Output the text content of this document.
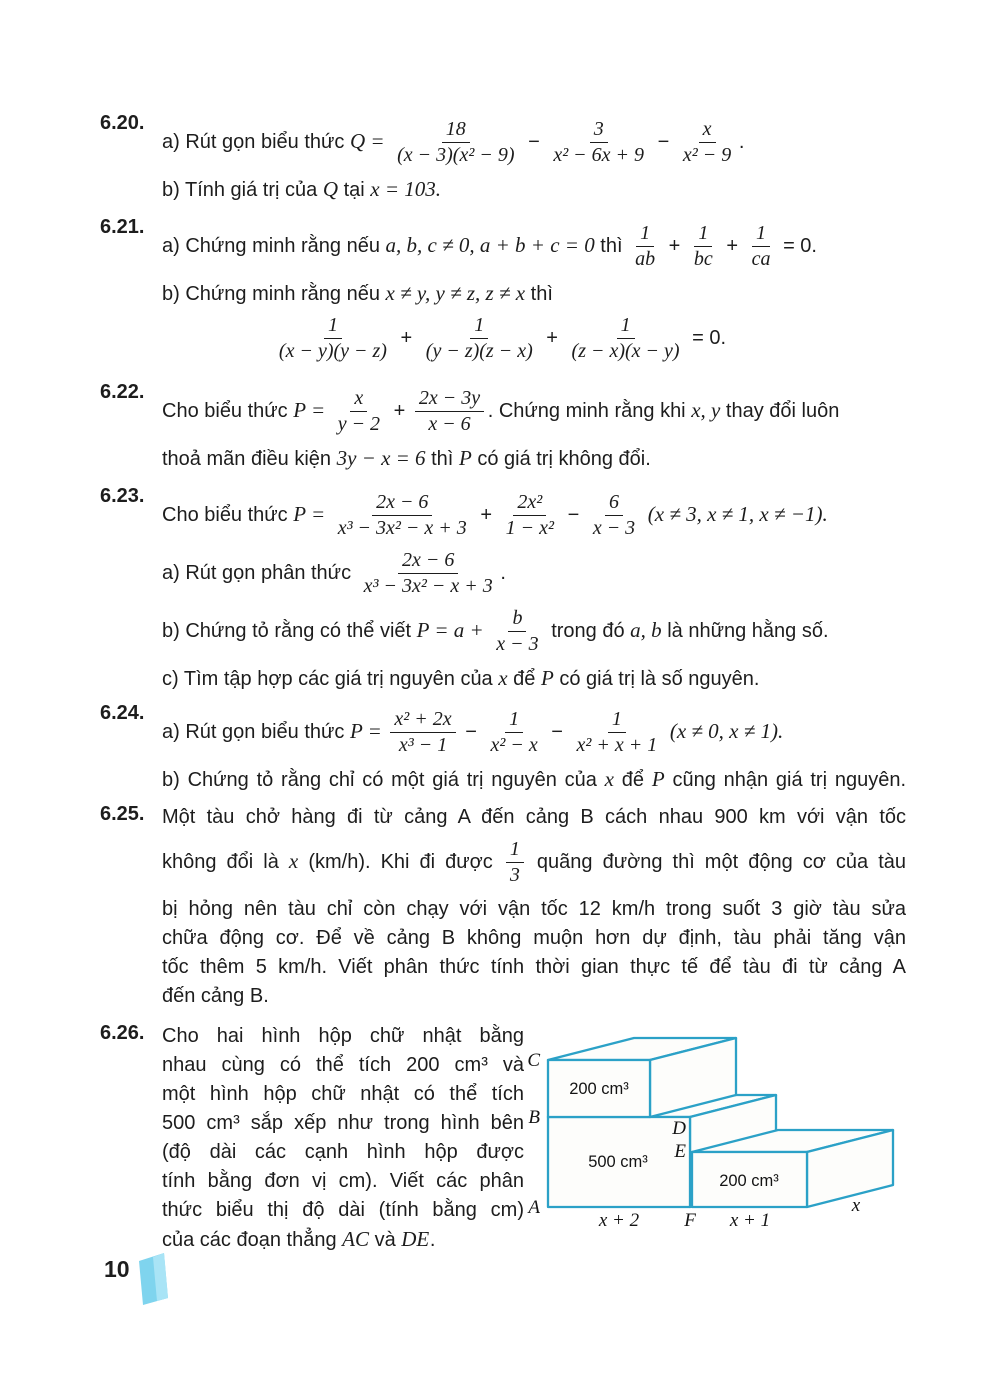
6.20.
a) Rút gọn biểu thức $Q = \frac{18}{\text{(x − 3)(x² − 9)}} - \frac{3}{\text{x² − 6x + 9}} - \frac{x}{\text{x² − 9}}$ .
b) Tính giá trị của Q tại x = 103.
6.21.
a) Chứng minh rằng nếu a, b, c ≠ 0, a + b + c = 0 thì $\frac{1}{ab} + \frac{1}{bc} + \frac{1}{ca} = 0$.
b) Chứng minh rằng nếu x ≠ y, y ≠ z, z ≠ x thì
$\frac{1}{(x - y)(y - z)} + \frac{1}{(y - z)(z - x)} + \frac{1}{(z - x)(x - y)} = 0$.
6.22.
Cho biểu thức $P = \frac{x}{y - 2} + \frac{2x - 3y}{x - 6}$ . Chứng minh rằng khi x, y thay đổi luôn
thoả mãn điều kiện 3y − x = 6 thì P có giá trị không đổi.
6.23.
Cho biểu thức $P = \frac{2x - 6}{\text{x³ − 3x² − x + 3}} + \frac{\text{2x²}}{\text{1 − x²}} - \frac{6}{x - 3} (x \ne 3$, x ≠ 1, x ≠ −1).
a) Rút gọn phân thức $\frac{2x - 6}{\text{x³ − 3x² − x + 3}}$ .
b) Chứng tỏ rằng có thể viết $P = a + \frac{b}{x - 3}$ trong đó a, b là những hằng số.
c) Tìm tập hợp các giá trị nguyên của x để P có giá trị là số nguyên.
6.24.
a) Rút gọn biểu thức $P = \frac{\text{x² + 2x}}{\text{x³ − 1}} - \frac{1}{\text{x² − x}} - \frac{1}{\text{x² + x + 1}} (x \ne 0$, x ≠ 1).
b) Chứng tỏ rằng chỉ có một giá trị nguyên của x để P cũng nhận giá trị nguyên.
6.25. Một tàu chở hàng đi từ cảng A đến cảng B cách nhau 900 km với vận tốc
không đổi là x (km/h). Khi đi được $\frac{1}{3}$ quãng đường thì một động cơ của tàu
bị hỏng nên tàu chỉ còn chạy với vận tốc 12 km/h trong suốt 3 giờ tàu sửa
chữa động cơ. Để về cảng B không muộn hơn dự định, tàu phải tăng vận
tốc thêm 5 km/h. Viết phân thức tính thời gian thực tế để tàu đi từ cảng A
đến cảng B.
6.26. Cho hai hình hộp chữ nhật bằng
nhau cùng có thể tích 200 cm³ và
một hình hộp chữ nhật có thể tích
500 cm³ sắp xếp như trong hình bên
(độ dài các cạnh hình hộp được
tính bằng đơn vị cm). Viết các phân
thức biểu thị độ dài (tính bằng cm)
của các đoạn thẳng AC và DE .
C
B
A
D
E
F
x + 2	x + 1
x
200 cm³
500 cm³
200 cm³
10
